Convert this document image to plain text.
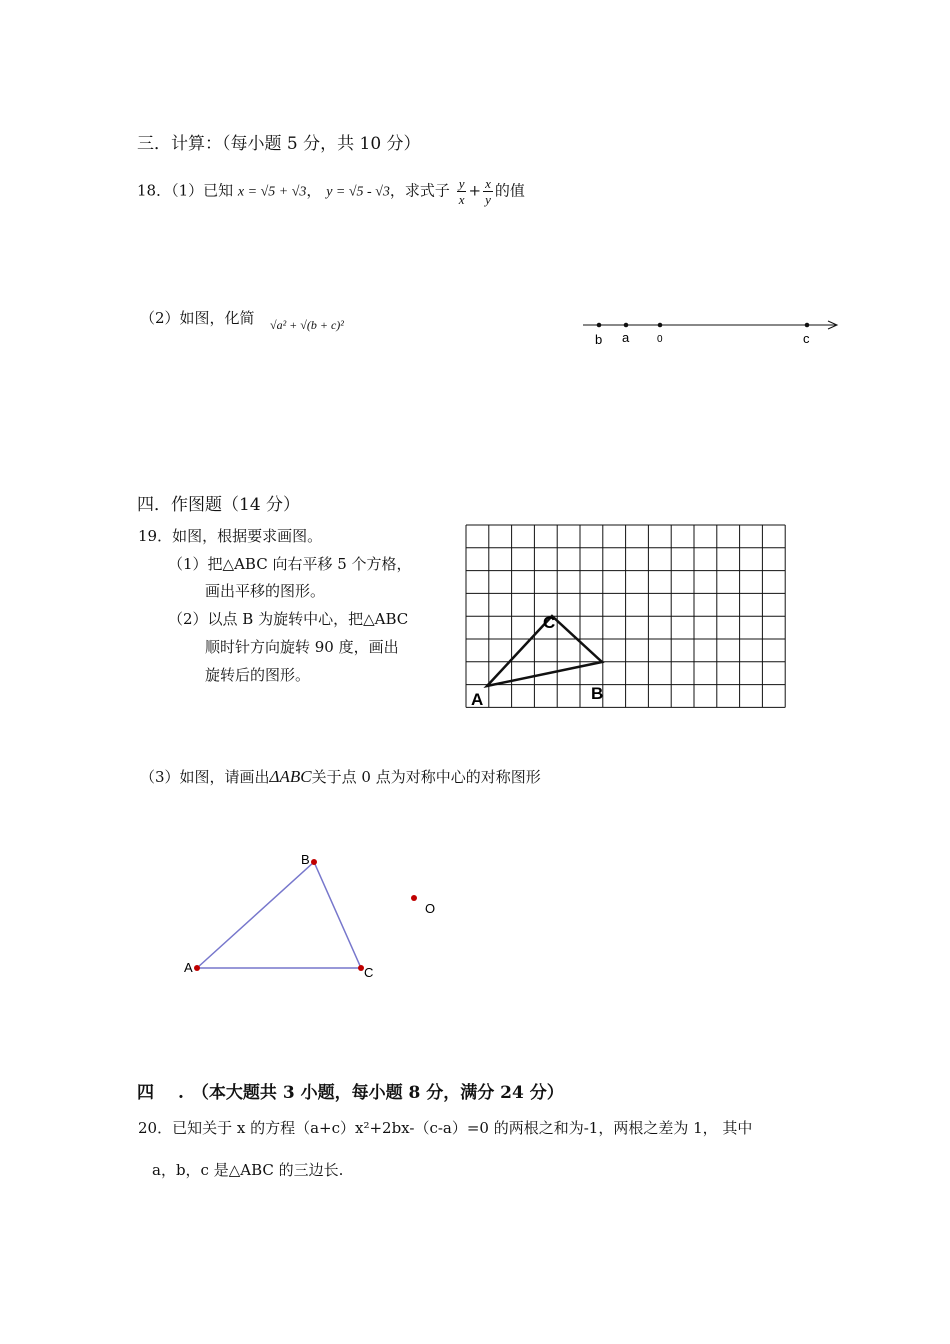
三．计算：（每小题 5 分，共 10 分）
18．（1）已知 x = √5 + √3， y = √5 - √3，求式子 $\frac{y}{x} + \frac{x}{y}$ 的值
（2）如图，化简 √a² + √(b + c)²
b a	0	c
四．作图题（14 分）
19．如图，根据要求画图。
（1）把△ABC 向右平移 5 个方格，
画出平移的图形。
（2）以点 B 为旋转中心，把△ABC
顺时针方向旋转 90 度，画出
旋转后的图形。
A	B
C
（3）如图，请画出ΔABC关于点 0 点为对称中心的对称图形
A
B
C
O
四 . （本大题共 3 小题，每小题 8 分，满分 24 分）
20．已知关于 x 的方程（a+c）x²+2bx-（c-a）=0 的两根之和为-1，两根之差为 1， 其中
a，b，c 是△ABC 的三边长.
